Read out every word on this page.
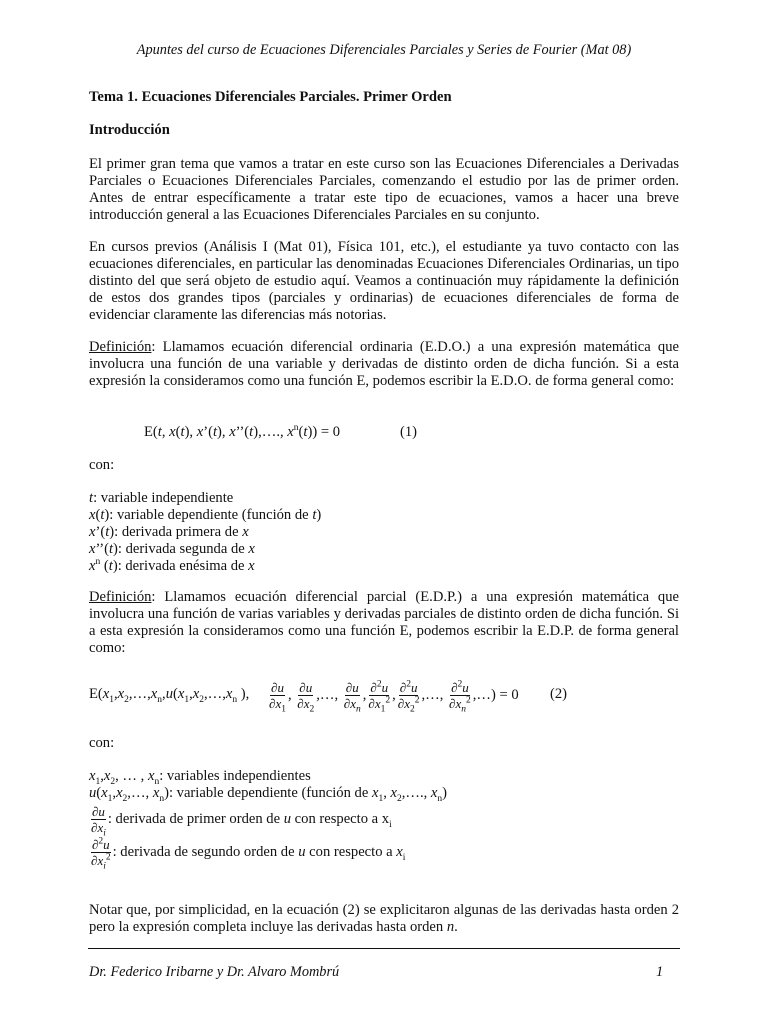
Apuntes del curso de Ecuaciones Diferenciales Parciales y Series de Fourier (Mat 08)
Tema 1. Ecuaciones Diferenciales Parciales. Primer Orden
Introducción
El primer gran tema que vamos a tratar en este curso son las Ecuaciones Diferenciales a Derivadas Parciales o Ecuaciones Diferenciales Parciales, comenzando el estudio por las de primer orden. Antes de entrar específicamente a tratar este tipo de ecuaciones, vamos a hacer una breve introducción general a las Ecuaciones Diferenciales Parciales en su conjunto.
En cursos previos (Análisis I (Mat 01), Física 101, etc.), el estudiante ya tuvo contacto con las ecuaciones diferenciales, en particular las denominadas Ecuaciones Diferenciales Ordinarias, un tipo distinto del que será objeto de estudio aquí. Veamos a continuación muy rápidamente la definición de estos dos grandes tipos (parciales y ordinarias) de ecuaciones diferenciales de forma de evidenciar claramente las diferencias más notorias.
Definición: Llamamos ecuación diferencial ordinaria (E.D.O.) a una expresión matemática que involucra una función de una variable y derivadas de distinto orden de dicha función. Si a esta expresión la consideramos como una función E, podemos escribir la E.D.O. de forma general como:
E(t, x(t), x’(t), x’’(t),…., $x^n(t)) = 0$	(1)
con:
t: variable independiente
x(t): variable dependiente (función de t)
x’(t): derivada primera de x
x’’(t): derivada segunda de x
$x^n$ (t): derivada enésima de x
Definición: Llamamos ecuación diferencial parcial (E.D.P.) a una expresión matemática que involucra una función de varias variables y derivadas parciales de distinto orden de dicha función. Si a esta expresión la consideramos como una función E, podemos escribir la E.D.P. de forma general como:
$E(x_1,x_2,\dots,x_n,u(x_1,x_2,\dots,x_n$ ), $\frac{\partial u}{\partial x_1}$ , $\frac{\partial u}{\partial x_2}$ ,…, $\frac{\partial u}{\partial x_n}$ , $\frac{\partial^2u}{\partial x_1^2}$ , $\frac{\partial^2u}{\partial x_2^2}$ ,…, $\frac{\partial^2u}{\partial x_n^2}$ ,…) = 0 (2)
con:
$x_1,x_2$, … , $x_n$: variables independientes
$u(x_1,x_2,\dots$, $x_n$): variable dependiente (función de $x_1$, $x_2,\dots$., $x_n$)
$\frac{\partial u}{\partial x_i}$ : derivada de primer orden de u con respecto a $x_i$
$\frac{\partial^2u}{\partial x_i^2}$ : derivada de segundo orden de u con respecto a $x_i$
Notar que, por simplicidad, en la ecuación (2) se explicitaron algunas de las derivadas hasta orden 2 pero la expresión completa incluye las derivadas hasta orden n.
Dr. Federico Iribarne y Dr. Alvaro Mombrú	1
